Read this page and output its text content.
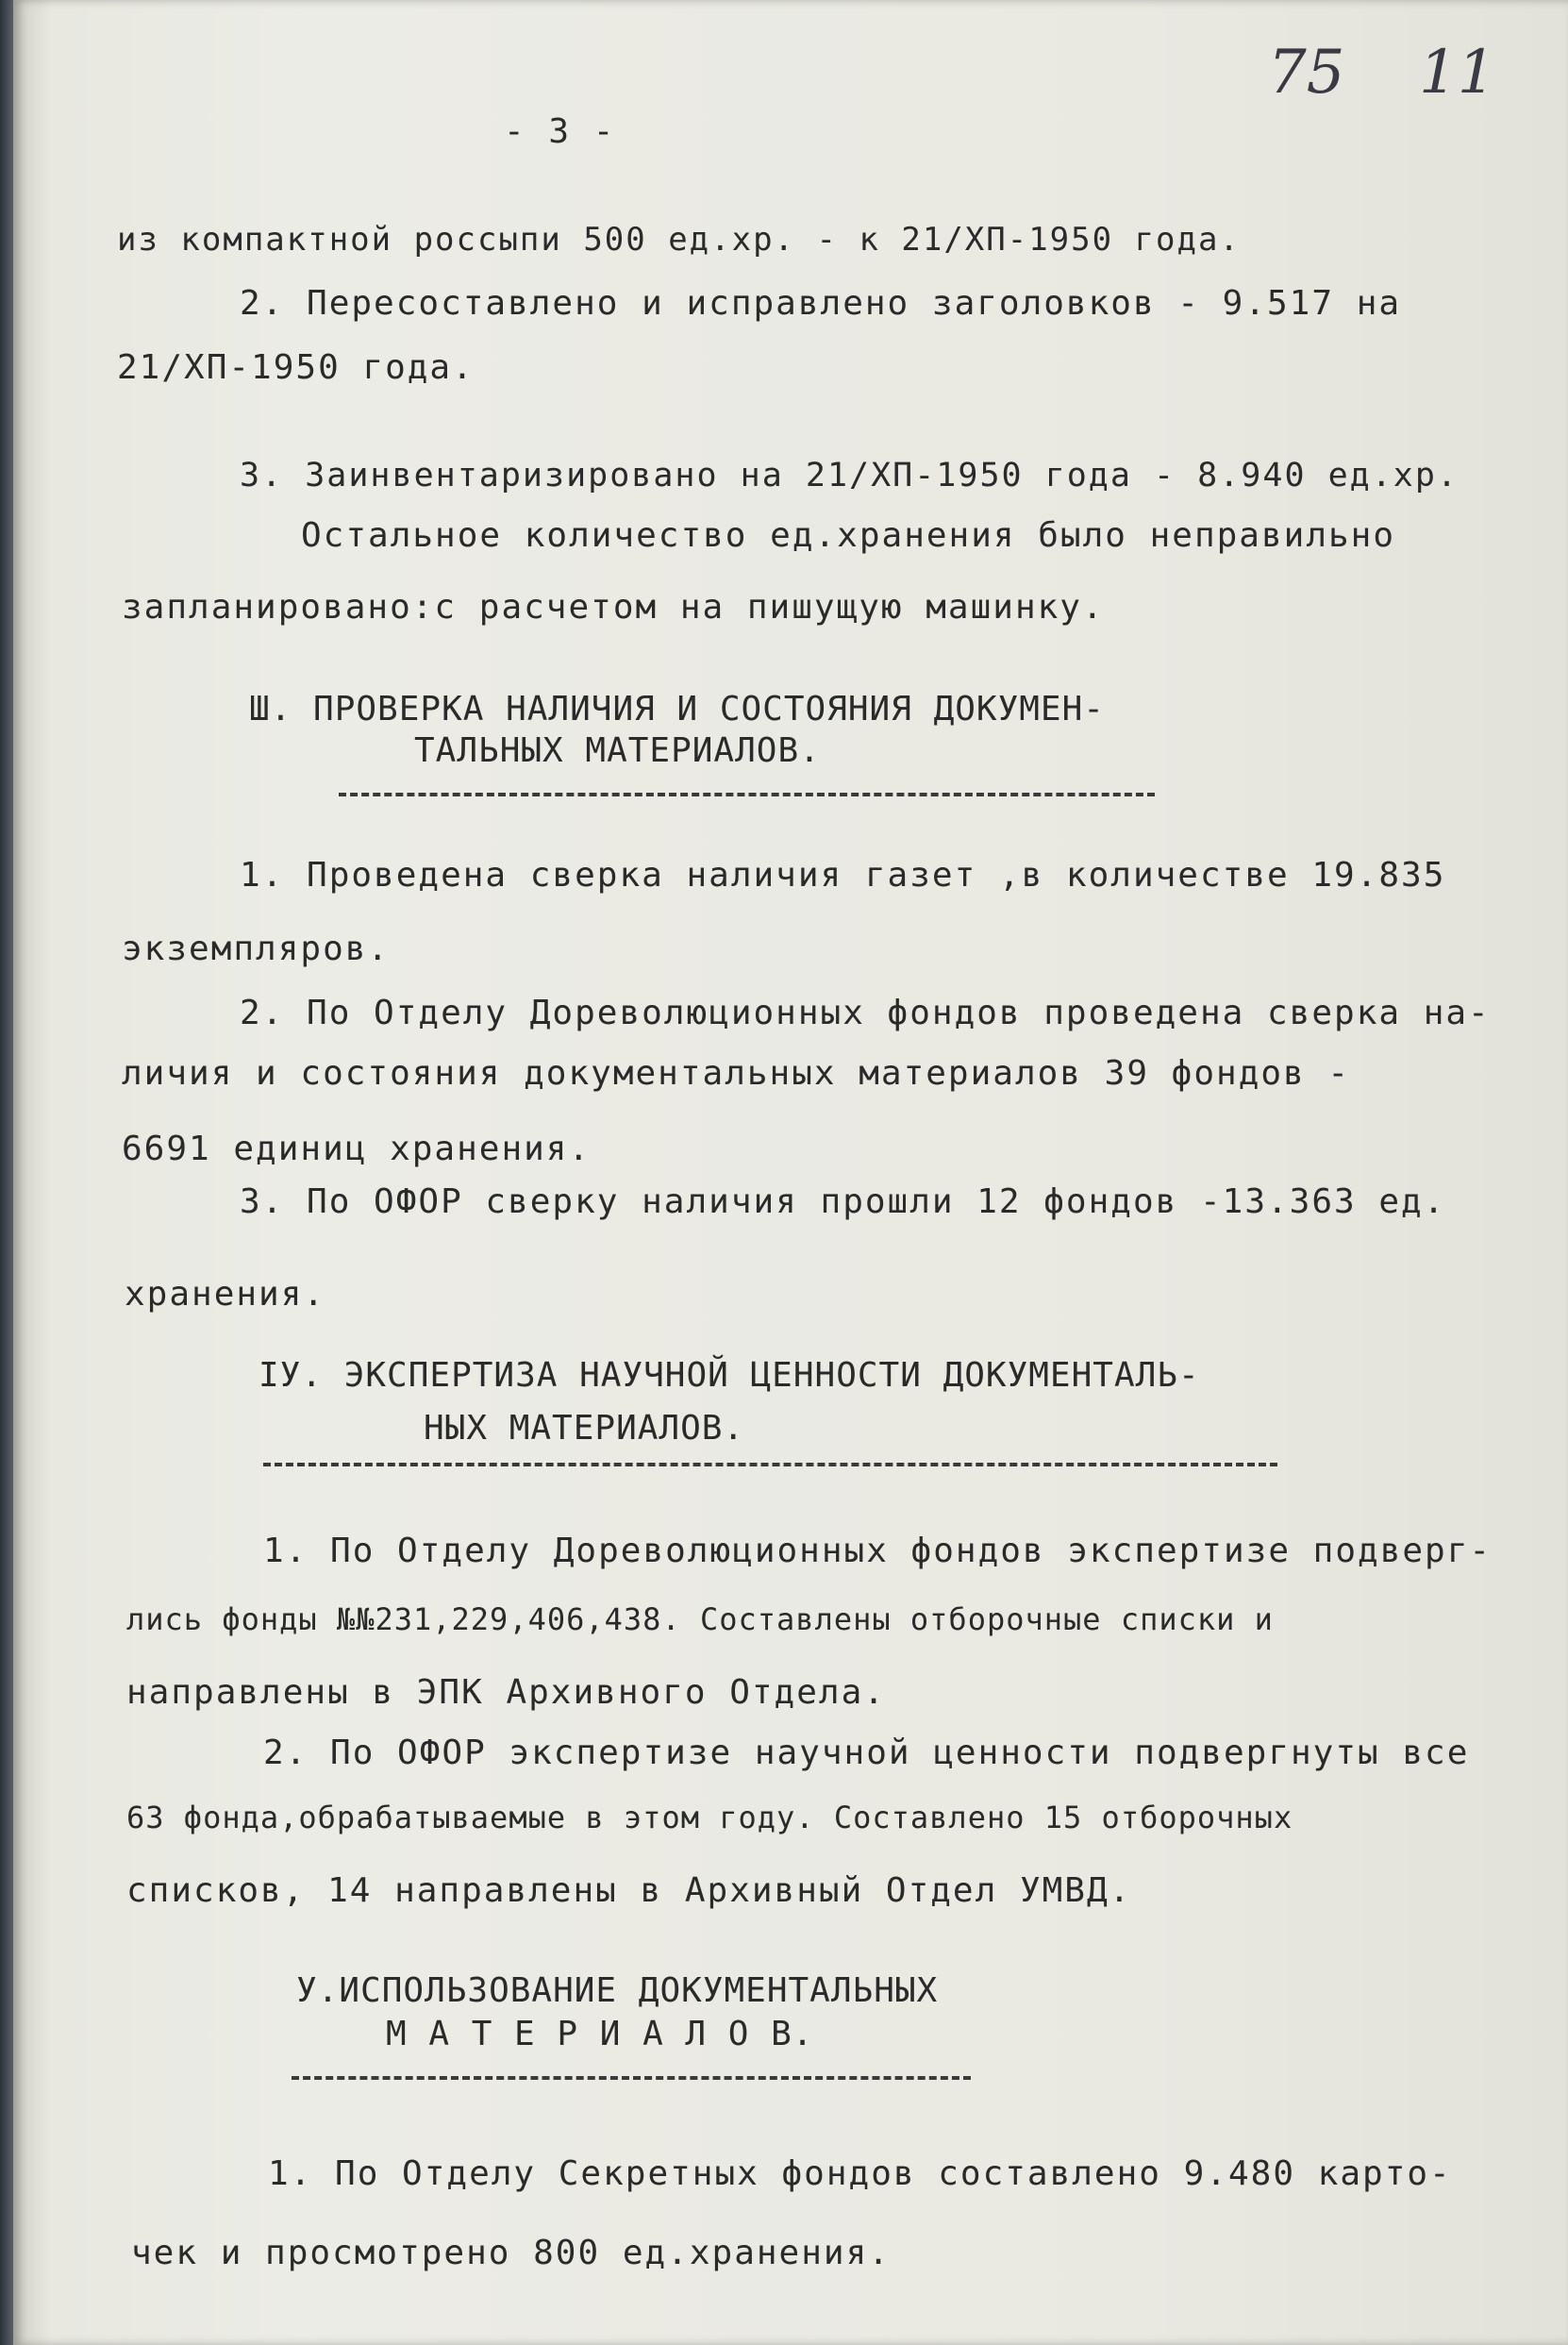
75 11
- 3 -
из компактной россыпи 500 ед.хр. - к 21/ХП-1950 года.
2. Пересоставлено и исправлено заголовков - 9.517 на
21/ХП-1950 года.
3. Заинвентаризировано на 21/ХП-1950 года - 8.940 ед.хр.
Остальное количество ед.хранения было неправильно
запланировано:с расчетом на пишущую машинку.
Ш. ПРОВЕРКА НАЛИЧИЯ И СОСТОЯНИЯ ДОКУМЕН-
ТАЛЬНЫХ МАТЕРИАЛОВ.
1. Проведена сверка наличия газет ,в количестве 19.835
экземпляров.
2. По Отделу Дореволюционных фондов проведена сверка на-
личия и состояния документальных материалов 39 фондов -
6691 единиц хранения.
3. По ОФОР сверку наличия прошли 12 фондов -13.363 ед.
хранения.
IУ. ЭКСПЕРТИЗА НАУЧНОЙ ЦЕННОСТИ ДОКУМЕНТАЛЬ-
НЫХ МАТЕРИАЛОВ.
1. По Отделу Дореволюционных фондов экспертизе подверг-
лись фонды №№231,229,406,438. Составлены отборочные списки и
направлены в ЭПК Архивного Отдела.
2. По ОФОР экспертизе научной ценности подвергнуты все
63 фонда,обрабатываемые в этом году. Составлено 15 отборочных
списков, 14 направлены в Архивный Отдел УМВД.
У.ИСПОЛЬЗОВАНИЕ ДОКУМЕНТАЛЬНЫХ
М А Т Е Р И А Л О В.
1. По Отделу Секретных фондов составлено 9.480 карто-
чек и просмотрено 800 ед.хранения.
